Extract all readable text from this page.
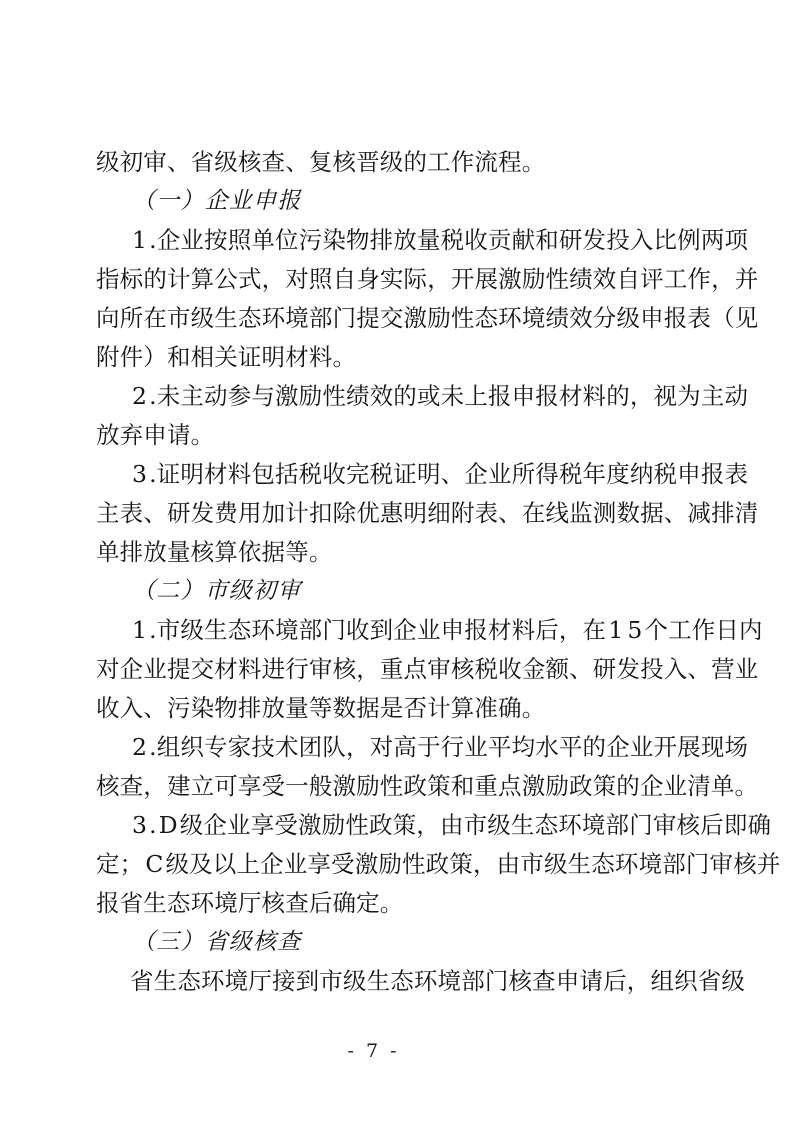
级初审、省级核查、复核晋级的工作流程。
（一）企业申报
1 . 企 业 按 照 单 位 污 染 物 排 放 量 税 收 贡 献 和 研 发 投 入 比 例 两 项
指 标 的 计 算 公 式 ， 对 照 自 身 实 际 ， 开 展 激 励 性 绩 效 自 评 工 作 ， 并
向 所 在 市 级 生 态 环 境 部 门 提 交 激 励 性 态 环 境 绩 效 分 级 申 报 表 （ 见
附件）和相关证明材料。
2 . 未 主 动 参 与 激 励 性 绩 效 的 或 未 上 报 申 报 材 料 的 ， 视 为 主 动
放弃申请。
3 . 证 明 材 料 包 括 税 收 完 税 证 明 、 企 业 所 得 税 年 度 纳 税 申 报 表
主 表 、 研 发 费 用 加 计 扣 除 优 惠 明 细 附 表 、 在 线 监 测 数 据 、 减 排 清
单排放量核算依据等。
（二）市级初审
1 . 市 级 生 态 环 境 部 门 收 到 企 业 申 报 材 料 后 ， 在 1 5 个 工 作 日 内
对 企 业 提 交 材 料 进 行 审 核 ， 重 点 审 核 税 收 金 额 、 研 发 投 入 、 营 业
收入、污染物排放量等数据是否计算准确。
2 . 组 织 专 家 技 术 团 队 ， 对 高 于 行 业 平 均 水 平 的 企 业 开 展 现 场
核查，建立可享受一般激励性政策和重点激励政策的企业清单。
3 . D 级 企 业 享 受 激 励 性 政 策 ， 由 市 级 生 态 环 境 部 门 审 核 后 即 确
定 ； C 级 及 以 上 企 业 享 受 激 励 性 政 策 ， 由 市 级 生 态 环 境 部 门 审 核 并
报省生态环境厅核查后确定。
（三）省级核查
省 生 态 环 境 厅 接 到 市 级 生 态 环 境 部 门 核 查 申 请 后 ， 组 织 省 级
- 7 -
